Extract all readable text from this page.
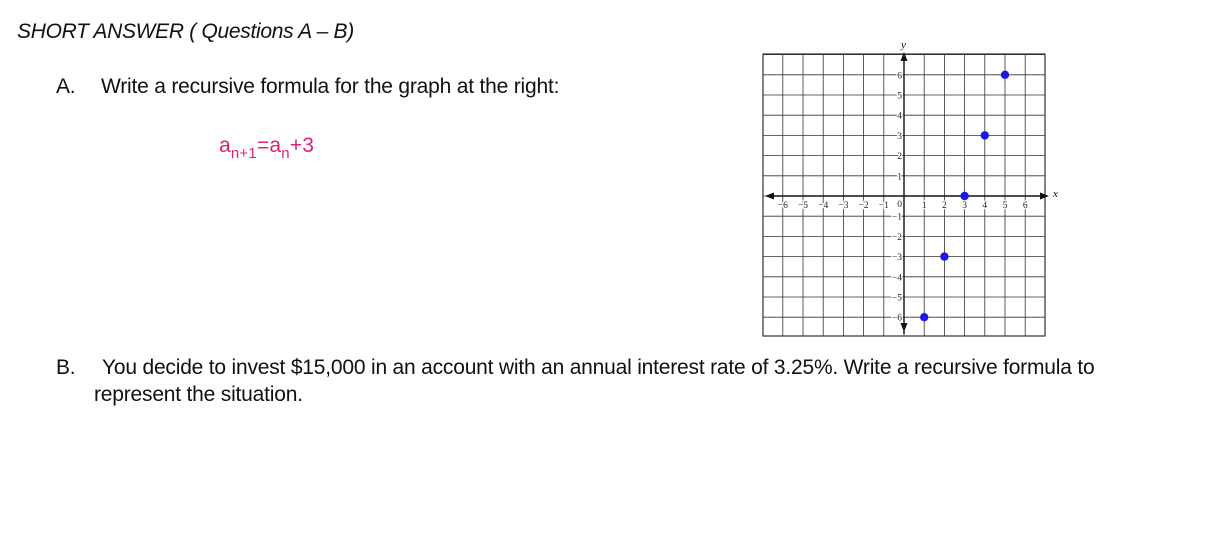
SHORT ANSWER ( Questions A – B)
A. Write a recursive formula for the graph at the right:
$a_{n+1}=a_n+3$
x
y
−6 −5 −4 −3 −2 −1	1 2 3 4 5 6
−6
−5
−4
−3
−2
−1
1
2
3
4
5
6
0
B. You decide to invest $15,000 in an account with an annual interest rate of 3.25%. Write a recursive formula to
represent the situation.
